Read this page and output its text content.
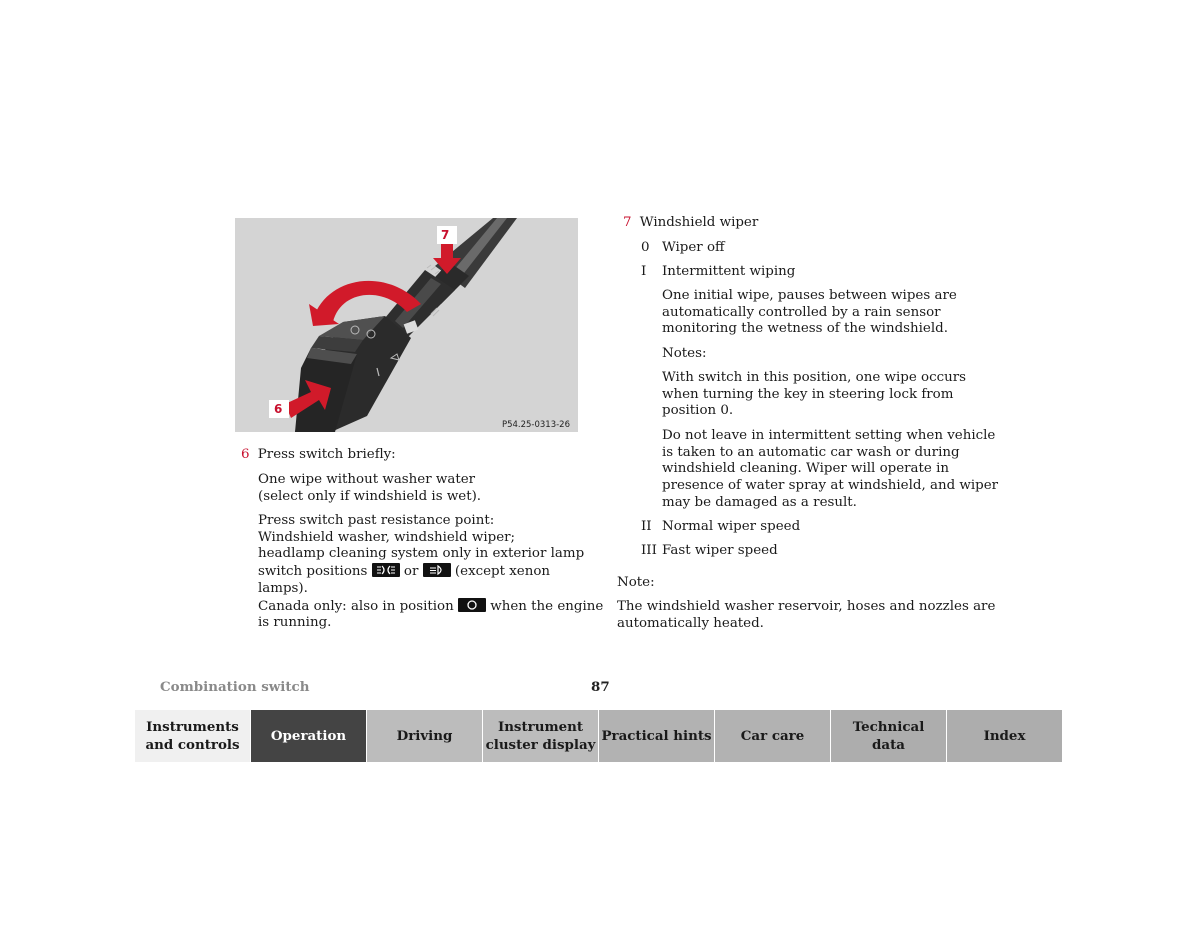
7
6
P54.25-0313-26
6 Press switch briefly:
One wipe without washer water
(select only if windshield is wet).
Press switch past resistance point:
Windshield washer, windshield wiper;
headlamp cleaning system only in exterior lamp
switch positions	or	(except xenon
lamps).
Canada only: also in position	when the engine
is running.
7 Windshield wiper
0 Wiper off
I Intermittent wiping
One initial wipe, pauses between wipes are
automatically controlled by a rain sensor
monitoring the wetness of the windshield.
Notes:
With switch in this position, one wipe occurs
when turning the key in steering lock from
position 0.
Do not leave in intermittent setting when vehicle
is taken to an automatic car wash or during
windshield cleaning. Wiper will operate in
presence of water spray at windshield, and wiper
may be damaged as a result.
II Normal wiper speed
III Fast wiper speed
Note:
The windshield washer reservoir, hoses and nozzles are
automatically heated.
Combination switch	87
Instruments
and controls
Operation	Driving
Instrument
cluster display
Practical hints Car care
Technical
data
Index
